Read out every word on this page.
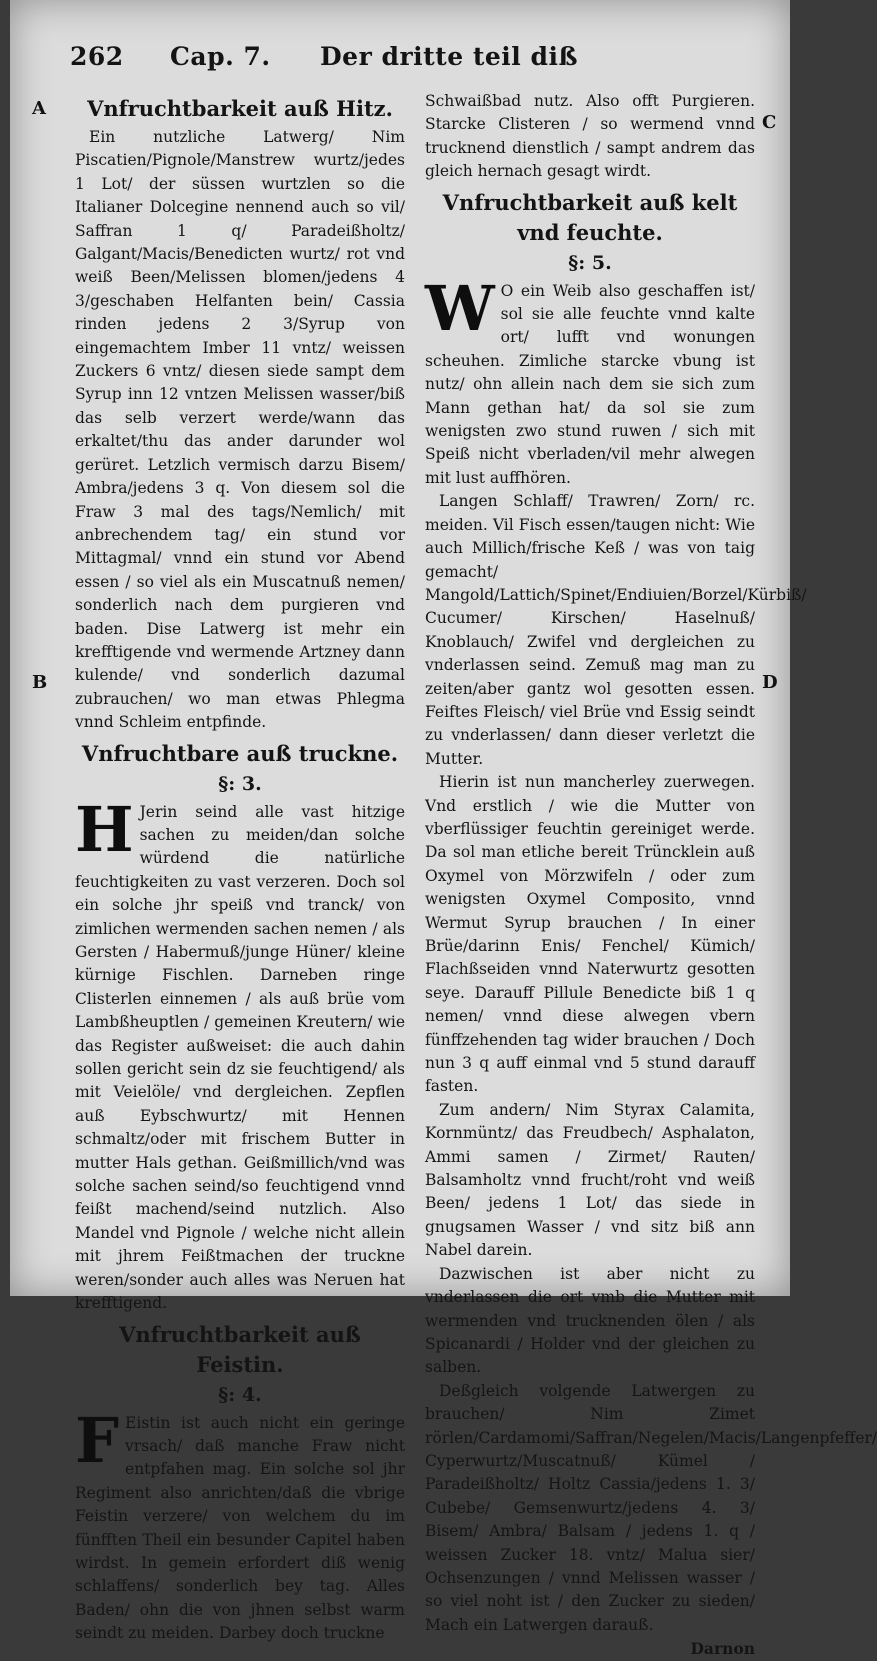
262 Cap. 7. Der dritte teil diß
A
B
C
D
Vnfruchtbarkeit auß Hitz.

Ein nutzliche Latwerg/ Nim Piscatien/Pignole/Manstrew wurtz/jedes 1 Lot/ der süssen wurtzlen so die Italianer Dolcegine nennend auch so vil/ Saffran 1 q/ Paradeißholtz/ Galgant/Macis/Benedicten wurtz/ rot vnd weiß Been/Melissen blomen/jedens 4 3/geschaben Helfanten bein/ Cassia rinden jedens 2 3/Syrup von eingemachtem Imber 11 vntz/ weissen Zuckers 6 vntz/ diesen siede sampt dem Syrup inn 12 vntzen Melissen wasser/biß das selb verzert werde/wann das erkaltet/thu das ander darunder wol gerüret. Letzlich vermisch darzu Bisem/ Ambra/jedens 3 q. Von diesem sol die Fraw 3 mal des tags/Nemlich/ mit anbrechendem tag/ ein stund vor Mittagmal/ vnnd ein stund vor Abend essen / so viel als ein Muscatnuß nemen/ sonderlich nach dem purgieren vnd baden. Dise Latwerg ist mehr ein krefftigende vnd wermende Artzney dann kulende/ vnd sonderlich dazumal zubrauchen/ wo man etwas Phlegma vnnd Schleim entpfinde.

Vnfruchtbare auß truckne.
§: 3.

H Jerin seind alle vast hitzige sachen zu meiden/dan solche würdend die natürliche feuchtigkeiten zu vast verzeren. Doch sol ein solche jhr speiß vnd tranck/ von zimlichen wermenden sachen nemen / als Gersten / Habermuß/junge Hüner/ kleine kürnige Fischlen. Darneben ringe Clisterlen einnemen / als auß brüe vom Lambßheuptlen / gemeinen Kreutern/ wie das Register außweiset: die auch dahin sollen gericht sein dz sie feuchtigend/ als mit Veielöle/ vnd dergleichen. Zepflen auß Eybschwurtz/ mit Hennen schmaltz/oder mit frischem Butter in mutter Hals gethan. Geißmillich/vnd was solche sachen seind/so feuchtigend vnnd feißt machend/seind nutzlich. Also Mandel vnd Pignole / welche nicht allein mit jhrem Feißtmachen der truckne weren/sonder auch alles was Neruen hat krefftigend.

Vnfruchtbarkeit auß Feistin.
§: 4.

F Eistin ist auch nicht ein geringe vrsach/ daß manche Fraw nicht entpfahen mag. Ein solche sol jhr Regiment also anrichten/daß die vbrige Feistin verzere/ von welchem du im fünfften Theil ein besunder Capitel haben wirdst. In gemein erfordert diß wenig schlaffens/ sonderlich bey tag. Alles Baden/ ohn die von jhnen selbst warm seindt zu meiden. Darbey doch truckne

Schwaißbad nutz. Also offt Purgieren. Starcke Clisteren / so wermend vnnd trucknend dienstlich / sampt andrem das gleich hernach gesagt wirdt.

Vnfruchtbarkeit auß kelt vnd feuchte.
§: 5.

W O ein Weib also geschaffen ist/ sol sie alle feuchte vnnd kalte ort/ lufft vnd wonungen scheuhen. Zimliche starcke vbung ist nutz/ ohn allein nach dem sie sich zum Mann gethan hat/ da sol sie zum wenigsten zwo stund ruwen / sich mit Speiß nicht vberladen/vil mehr alwegen mit lust auffhören.

Langen Schlaff/ Trawren/ Zorn/ rc. meiden. Vil Fisch essen/taugen nicht: Wie auch Millich/frische Keß / was von taig gemacht/ Mangold/Lattich/Spinet/Endiuien/Borzel/Kürbiß/ Cucumer/ Kirschen/ Haselnuß/ Knoblauch/ Zwifel vnd dergleichen zu vnderlassen seind. Zemuß mag man zu zeiten/aber gantz wol gesotten essen. Feiftes Fleisch/ viel Brüe vnd Essig seindt zu vnderlassen/ dann dieser verletzt die Mutter.

Hierin ist nun mancherley zuerwegen. Vnd erstlich / wie die Mutter von vberflüssiger feuchtin gereiniget werde. Da sol man etliche bereit Trüncklein auß Oxymel von Mörzwifeln / oder zum wenigsten Oxymel Composito, vnnd Wermut Syrup brauchen / In einer Brüe/darinn Enis/ Fenchel/ Kümich/ Flachßseiden vnnd Naterwurtz gesotten seye. Darauff Pillule Benedicte biß 1 q nemen/ vnnd diese alwegen vbern fünffzehenden tag wider brauchen / Doch nun 3 q auff einmal vnd 5 stund darauff fasten.

Zum andern/ Nim Styrax Calamita, Kornmüntz/ das Freudbech/ Asphalaton, Ammi samen / Zirmet/ Rauten/ Balsamholtz vnnd frucht/roht vnd weiß Been/ jedens 1 Lot/ das siede in gnugsamen Wasser / vnd sitz biß ann Nabel darein.

Dazwischen ist aber nicht zu vnderlassen die ort vmb die Mutter mit wermenden vnd trucknenden ölen / als Spicanardi / Holder vnd der gleichen zu salben.

Deßgleich volgende Latwergen zu brauchen/ Nim Zimet rörlen/Cardamomi/Saffran/Negelen/Macis/Langenpfeffer/ Cyperwurtz/Muscatnuß/ Kümel / Paradeißholtz/ Holtz Cassia/jedens 1. 3/ Cubebe/ Gemsenwurtz/jedens 4. 3/ Bisem/ Ambra/ Balsam / jedens 1. q / weissen Zucker 18. vntz/ Malua sier/ Ochsenzungen / vnnd Melissen wasser / so viel noht ist / den Zucker zu sieden/ Mach ein Latwergen darauß.

Darnon
